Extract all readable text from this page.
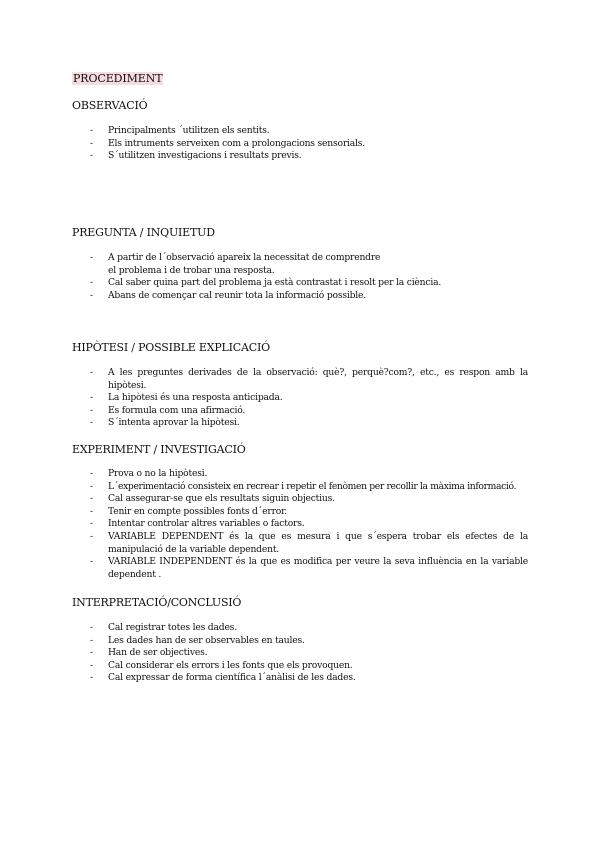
PROCEDIMENT
OBSERVACIÓ
- Principalments ´utilitzen els sentits.
- Els intruments serveixen com a prolongacions sensorials.
- S´utilitzen investigacions i resultats previs.
PREGUNTA / INQUIETUD
- A partir de l´observació apareix la necessitat de comprendre el problema i de trobar una resposta.
- Cal saber quina part del problema ja està contrastat i resolt per la ciència.
- Abans de començar cal reunir tota la informació possible.
HIPÒTESI / POSSIBLE EXPLICACIÓ
- A les preguntes derivades de la observació: què?, perquè?com?, etc., es respon amb la hipòtesi.
- La hipòtesi és una resposta anticipada.
- Es formula com una afirmació.
- S´intenta aprovar la hipòtesi.
EXPERIMENT / INVESTIGACIÓ
- Prova o no la hipòtesi.
- L´experimentació consisteix en recrear i repetir el fenòmen per recollir la màxima informació.
- Cal assegurar-se que els resultats siguin objectius.
- Tenir en compte possibles fonts d´error.
- Intentar controlar altres variables o factors.
- VARIABLE DEPENDENT és la que es mesura i que s´espera trobar els efectes de la manipulació de la variable dependent.
- VARIABLE INDEPENDENT és la que es modifica per veure la seva influència en la variable dependent .
INTERPRETACIÓ/CONCLUSIÓ
- Cal registrar totes les dades.
- Les dades han de ser observables en taules.
- Han de ser objectives.
- Cal considerar els errors i les fonts que els provoquen.
- Cal expressar de forma científica l´anàlisi de les dades.
